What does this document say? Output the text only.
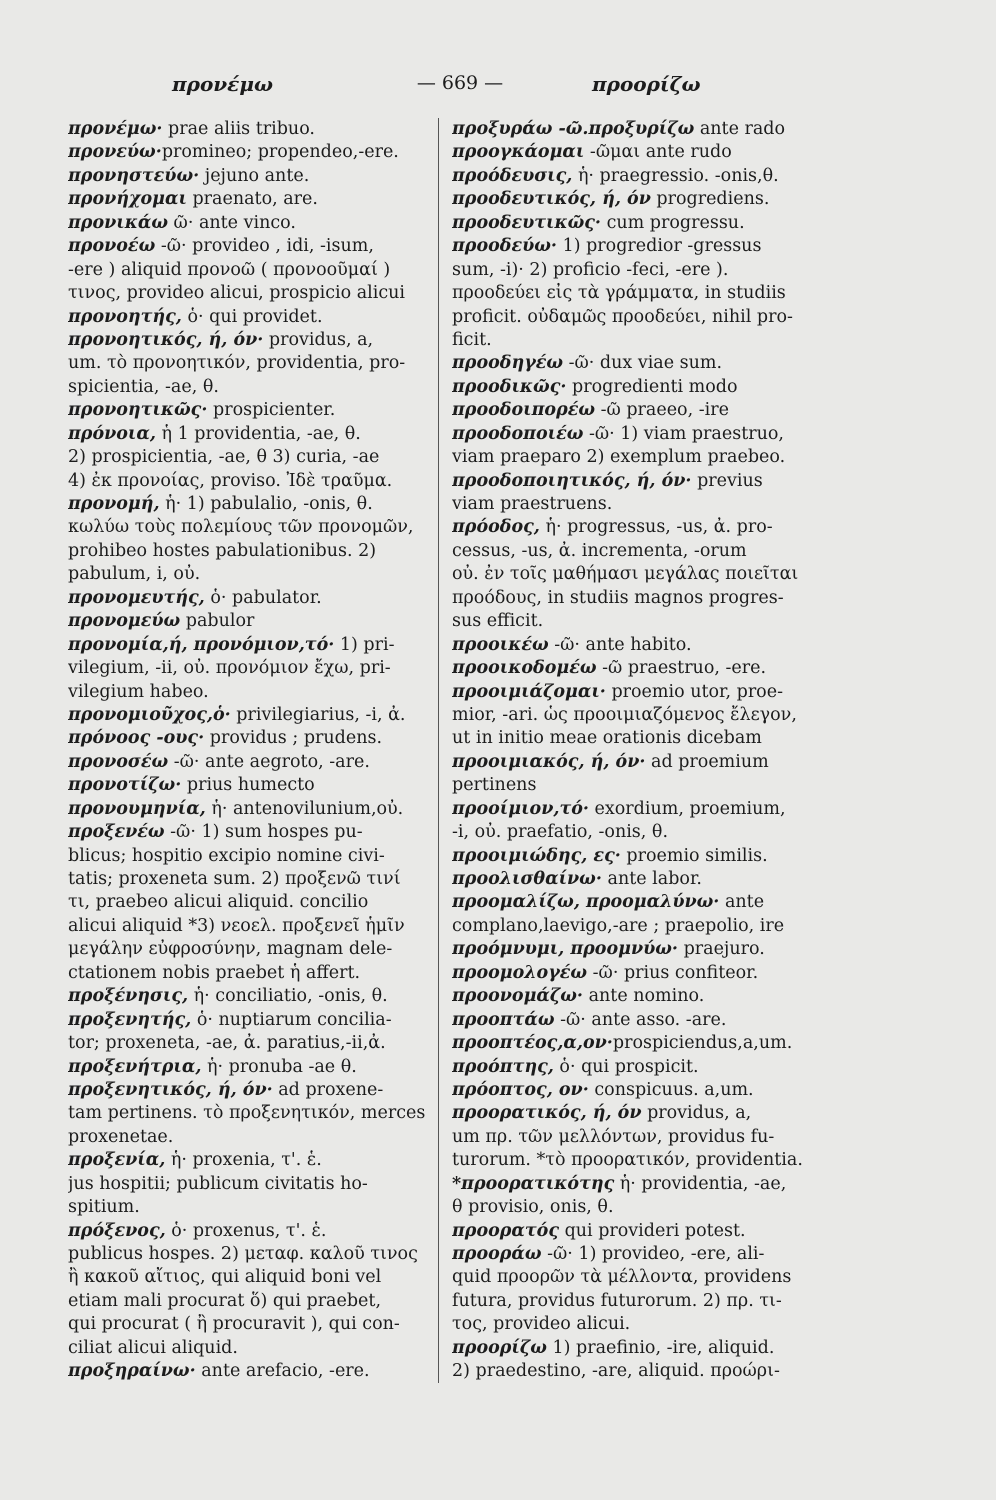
προνέμω	— 669 —	προορίζω
προνέμω· prae aliis tribuo.
προνεύω·promineo; propendeo,-ere.
προνηστεύω· jejuno ante.
προνήχομαι praenato, are.
προνικάω ῶ· ante vinco.
προνοέω -ῶ· provideo , idi, -isum,
-ere ) aliquid προνοῶ ( προνοοῦμαί )
τινος, provideo alicui, prospicio alicui
προνοητής, ὁ· qui providet.
προνοητικός, ή, όν· providus, a,
um. τὸ προνοητικόν, providentia, pro-
spicientia, -ae, θ.
προνοητικῶς· prospicienter.
πρόνοια, ἡ 1 providentia, -ae, θ.
2) prospicientia, -ae, θ 3) curia, -ae
4) ἐκ προνοίας, proviso. Ἰδὲ τραῦμα.
προνομή, ἡ· 1) pabulalio, -onis, θ.
κωλύω τοὺς πολεμίους τῶν προνομῶν,
prohibeo hostes pabulationibus. 2)
pabulum, i, οὐ.
προνομευτής, ὁ· pabulator.
προνομεύω pabulor
προνομία,ή, προνόμιον,τό· 1) pri-
vilegium, -ii, οὐ. προνόμιον ἔχω, pri-
vilegium habeo.
προνομιοῦχος,ὁ· privilegiarius, -i, ἀ.
πρόνοος -ους· providus ; prudens.
προνοσέω -ῶ· ante aegroto, -are.
προνοτίζω· prius humecto
προνουμηνία, ἡ· antenovilunium,οὐ.
προξενέω -ῶ· 1) sum hospes pu-
blicus; hospitio excipio nomine civi-
tatis; proxeneta sum. 2) προξενῶ τινί
τι, praebeo alicui aliquid. concilio
alicui aliquid *3) νεοελ. προξενεῖ ἡμῖν
μεγάλην εὐφροσύνην, magnam dele-
ctationem nobis praebet ἡ affert.
προξένησις, ἡ· conciliatio, -onis, θ.
προξενητής, ὁ· nuptiarum concilia-
tor; proxeneta, -ae, ἀ. paratius,-ii,ἀ.
προξενήτρια, ἡ· pronuba -ae θ.
προξενητικός, ή, όν· ad proxene-
tam pertinens. τὸ προξενητικόν, merces
proxenetae.
προξενία, ἡ· proxenia, τ'. ἑ.
jus hospitii; publicum civitatis ho-
spitium.
πρόξενος, ὁ· proxenus, τ'. ἑ.
publicus hospes. 2) μεταφ. καλοῦ τινος
ἢ κακοῦ αἴτιος, qui aliquid boni vel
etiam mali procurat ὅ) qui praebet,
qui procurat ( ἢ procuravit ), qui con-
ciliat alicui aliquid.
προξηραίνω· ante arefacio, -ere.
προξυράω -ῶ.προξυρίζω ante rado
προογκάομαι -ῶμαι ante rudo
προόδευσις, ἡ· praegressio. -onis,θ.
προοδευτικός, ή, όν progrediens.
προοδευτικῶς· cum progressu.
προοδεύω· 1) progredior -gressus
sum, -i)· 2) proficio -feci, -ere ).
προοδεύει εἰς τὰ γράμματα, in studiis
proficit. οὐδαμῶς προοδεύει, nihil pro-
ficit.
προοδηγέω -ῶ· dux viae sum.
προοδικῶς· progredienti modo
προοδοιπορέω -ῶ praeeo, -ire
προοδοποιέω -ῶ· 1) viam praestruo,
viam praeparo 2) exemplum praebeo.
προοδοποιητικός, ή, όν· previus
viam praestruens.
πρόοδος, ἡ· progressus, -us, ἀ. pro-
cessus, -us, ἀ. incrementa, -orum
οὐ. ἐν τοῖς μαθήμασι μεγάλας ποιεῖται
προόδους, in studiis magnos progres-
sus efficit.
προοικέω -ῶ· ante habito.
προοικοδομέω -ῶ praestruo, -ere.
προοιμιάζομαι· proemio utor, proe-
mior, -ari. ὡς προοιμιαζόμενος ἔλεγον,
ut in initio meae orationis dicebam
προοιμιακός, ή, όν· ad proemium
pertinens
προοίμιον,τό· exordium, proemium,
-i, οὐ. praefatio, -onis, θ.
προοιμιώδης, ες· proemio similis.
προολισθαίνω· ante labor.
προομαλίζω, προομαλύνω· ante
complano,laevigo,-are ; praepolio, ire
προόμνυμι, προομνύω· praejuro.
προομολογέω -ῶ· prius confiteor.
προονομάζω· ante nomino.
προοπτάω -ῶ· ante asso. -are.
προοπτέος,α,ον·prospiciendus,a,um.
προόπτης, ὁ· qui prospicit.
πρόοπτος, ον· conspicuus. a,um.
προορατικός, ή, όν providus, a,
um πρ. τῶν μελλόντων, providus fu-
turorum. *τὸ προορατικόν, providentia.
*προορατικότης ἡ· providentia, -ae,
θ provisio, onis, θ.
προορατός qui provideri potest.
προοράω -ῶ· 1) provideo, -ere, ali-
quid προορῶν τὰ μέλλοντα, providens
futura, providus futurorum. 2) πρ. τι-
τος, provideo alicui.
προορίζω 1) praefinio, -ire, aliquid.
2) praedestino, -are, aliquid. προώρι-
